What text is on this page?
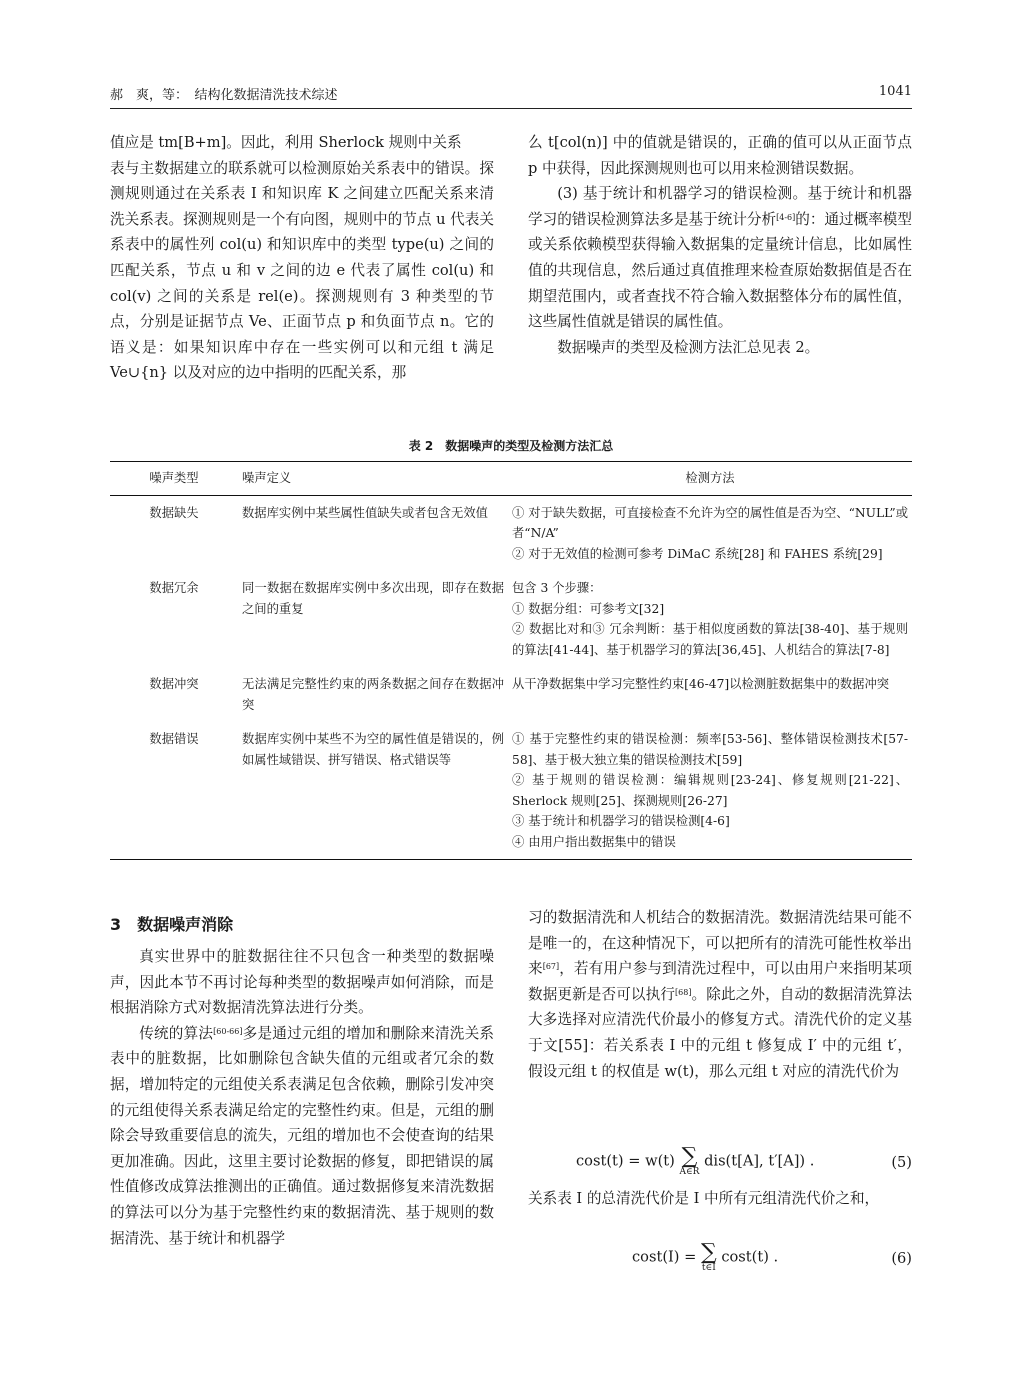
郝　爽，等：　结构化数据清洗技术综述	1041

值应是 tm[B+m]。因此，利用 Sherlock 规则中关系

表与主数据建立的联系就可以检测原始关系表中的错误。探测规则通过在关系表 I 和知识库 K 之间建立匹配关系来清洗关系表。探测规则是一个有向图，规则中的节点 u 代表关系表中的属性列 col(u) 和知识库中的类型 type(u) 之间的匹配关系，节点 u 和 v 之间的边 e 代表了属性 col(u) 和 col(v) 之间的关系是 rel(e)。探测规则有 3 种类型的节点，分别是证据节点 Ve、正面节点 p 和负面节点 n。它的语义是：如果知识库中存在一些实例可以和元组 t 满足 Ve∪{n} 以及对应的边中指明的匹配关系，那

么 t[col(n)] 中的值就是错误的，正确的值可以从正面节点 p 中获得，因此探测规则也可以用来检测错误数据。

(3) 基于统计和机器学习的错误检测。基于统计和机器学习的错误检测算法多是基于统计分析[4-6]的：通过概率模型或关系依赖模型获得输入数据集的定量统计信息，比如属性值的共现信息，然后通过真值推理来检查原始数据值是否在期望范围内，或者查找不符合输入数据整体分布的属性值，这些属性值就是错误的属性值。

数据噪声的类型及检测方法汇总见表 2。

表 2　数据噪声的类型及检测方法汇总
噪声类型	噪声定义	检测方法
数据缺失	数据库实例中某些属性值缺失或者包含无效值	① 对于缺失数据，可直接检查不允许为空的属性值是否为空、“NULL”或者“N/A”
② 对于无效值的检测可参考 DiMaC 系统[28] 和 FAHES 系统[29]

数据冗余	同一数据在数据库实例中多次出现，即存在数据之间的重复	包含 3 个步骤：
① 数据分组：可参考文[32]
② 数据比对和③ 冗余判断：基于相似度函数的算法[38-40]、基于规则的算法[41-44]、基于机器学习的算法[36,45]、人机结合的算法[7-8]

数据冲突	无法满足完整性约束的两条数据之间存在数据冲突	从干净数据集中学习完整性约束[46-47]以检测脏数据集中的数据冲突

数据错误	数据库实例中某些不为空的属性值是错误的，例如属性域错误、拼写错误、格式错误等	① 基于完整性约束的错误检测：频率[53-56]、整体错误检测技术[57-58]、基于极大独立集的错误检测技术[59]
② 基于规则的错误检测：编辑规则[23-24]、修复规则[21-22]、Sherlock 规则[25]、探测规则[26-27]
③ 基于统计和机器学习的错误检测[4-6]
④ 由用户指出数据集中的错误
3　数据噪声消除

真实世界中的脏数据往往不只包含一种类型的数据噪声，因此本节不再讨论每种类型的数据噪声如何消除，而是根据消除方式对数据清洗算法进行分类。

传统的算法[60-66]多是通过元组的增加和删除来清洗关系表中的脏数据，比如删除包含缺失值的元组或者冗余的数据，增加特定的元组使关系表满足包含依赖，删除引发冲突的元组使得关系表满足给定的完整性约束。但是，元组的删除会导致重要信息的流失，元组的增加也不会使查询的结果更加准确。因此，这里主要讨论数据的修复，即把错误的属性值修改成算法推测出的正确值。通过数据修复来清洗数据的算法可以分为基于完整性约束的数据清洗、基于规则的数据清洗、基于统计和机器学

习的数据清洗和人机结合的数据清洗。数据清洗结果可能不是唯一的，在这种情况下，可以把所有的清洗可能性枚举出来[67]，若有用户参与到清洗过程中，可以由用户来指明某项数据更新是否可以执行[68]。除此之外，自动的数据清洗算法大多选择对应清洗代价最小的修复方式。清洗代价的定义基于文[55]：若关系表 I 中的元组 t 修复成 I′ 中的元组 t′，假设元组 t 的权值是 w(t)，那么元组 t 对应的清洗代价为

cost(t) = w(t) ∑
A∈R
dis(t[A], t′[A]) .	(5)

关系表 I 的总清洗代价是 I 中所有元组清洗代价之和，

cost(I) = ∑
t∈I
cost(t) .	(6)
